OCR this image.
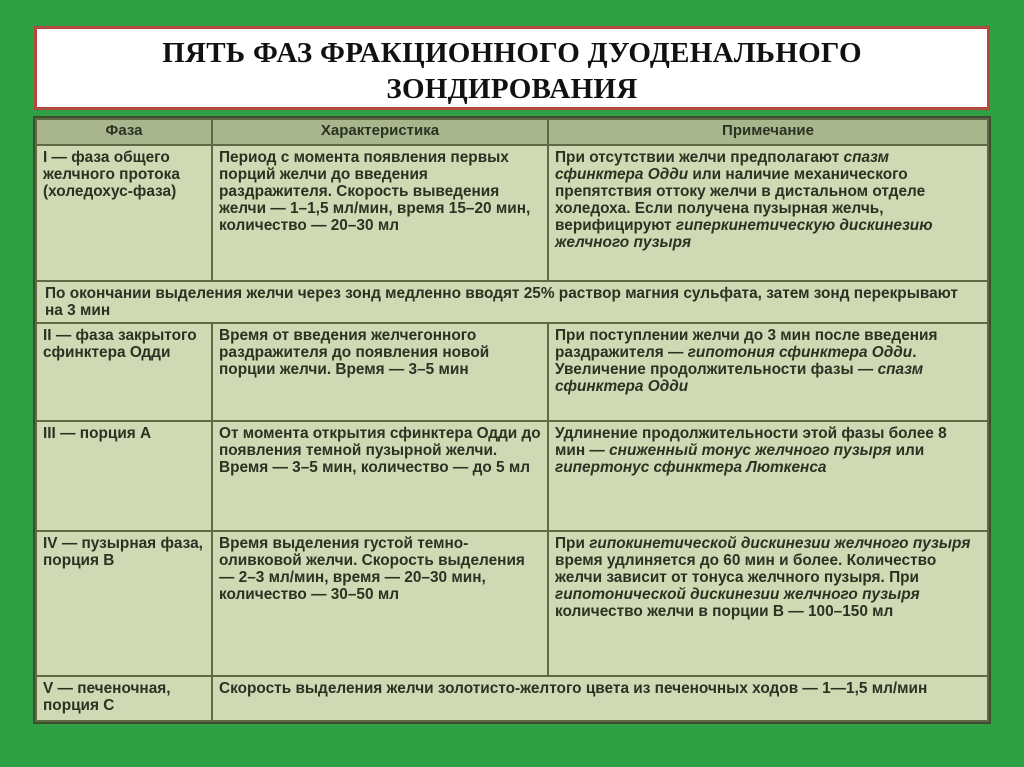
ПЯТЬ ФАЗ ФРАКЦИОННОГО ДУОДЕНАЛЬНОГО ЗОНДИРОВАНИЯ
Фаза	Характеристика	Примечание
I — фаза общего желчного протока (холедохус-фаза)	Период с момента появления первых порций желчи до введения раздражителя. Скорость выведения желчи — 1–1,5 мл/мин, время 15–20 мин, количество — 20–30 мл	При отсутствии желчи предполагают спазм сфинктера Одди или наличие механического препятствия оттоку желчи в дистальном отделе холедоха. Если получена пузырная желчь, верифицируют гиперкинетическую дискинезию желчного пузыря
По окончании выделения желчи через зонд медленно вводят 25% раствор магния сульфата, затем зонд перекрывают на 3 мин		
II — фаза закрытого сфинктера Одди	Время от введения желчегонного раздражителя до появления новой порции желчи. Время — 3–5 мин	При поступлении желчи до 3 мин после введения раздражителя — гипотония сфинктера Одди. Увеличение продолжительности фазы — спазм сфинктера Одди
III — порция А	От момента открытия сфинктера Одди до появления темной пузырной желчи. Время — 3–5 мин, количество — до 5 мл	Удлинение продолжительности этой фазы более 8 мин — сниженный тонус желчного пузыря или гипертонус сфинктера Люткенса
IV — пузырная фаза, порция В	Время выделения густой темно-оливковой желчи. Скорость выделения — 2–3 мл/мин, время — 20–30 мин, количество — 30–50 мл	При гипокинетической дискинезии желчного пузыря время удлиняется до 60 мин и более. Количество желчи зависит от тонуса желчного пузыря. При гипотонической дискинезии желчного пузыря количество желчи в порции В — 100–150 мл
V — печеночная, порция С	Скорость выделения желчи золотисто-желтого цвета из печеночных ходов — 1—1,5 мл/мин	
